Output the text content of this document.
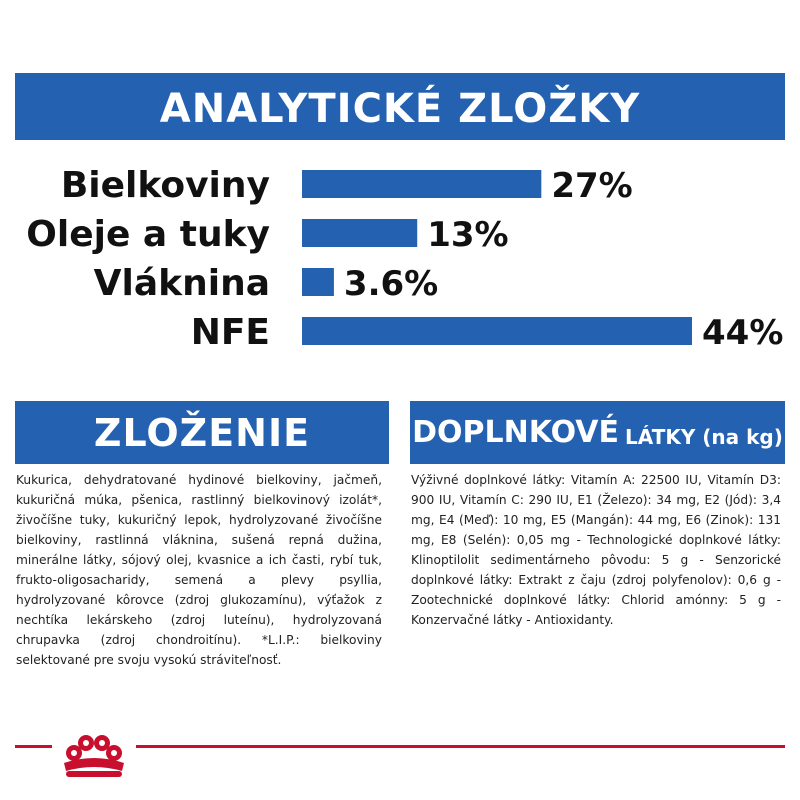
ANALYTICKÉ ZLOŽKY
Bielkoviny	27%
Oleje a tuky	13%
Vláknina 3.6%
NFE	44%
ZLOŽENIE	DOPLNKOVÉ LÁTKY (na kg)
Kukurica, dehydratované hydinové bielkoviny, jačmeň, kukuričná múka, pšenica, rastlinný bielkovinový izolát*, živočíšne tuky, kukuričný lepok, hydrolyzované živočíšne bielkoviny, rastlinná vláknina, sušená repná dužina, minerálne látky, sójový olej, kvasnice a ich časti, rybí tuk, frukto-oligosacharidy, semená a plevy psyllia, hydrolyzované kôrovce (zdroj glukozamínu), výťažok z nechtíka lekárskeho (zdroj luteínu), hydrolyzovaná chrupavka (zdroj chondroitínu). *L.I.P.: bielkoviny selektované pre svoju vysokú stráviteľnosť.
Výživné doplnkové látky: Vitamín A: 22500 IU, Vitamín D3: 900 IU, Vitamín C: 290 IU, E1 (Železo): 34 mg, E2 (Jód): 3,4 mg, E4 (Meď): 10 mg, E5 (Mangán): 44 mg, E6 (Zinok): 131 mg, E8 (Selén): 0,05 mg - Technologické doplnkové látky: Klinoptilolit sedimentárneho pôvodu: 5 g - Senzorické doplnkové látky: Extrakt z čaju (zdroj polyfenolov): 0,6 g - Zootechnické doplnkové látky: Chlorid amónny: 5 g - Konzervačné látky - Antioxidanty.
